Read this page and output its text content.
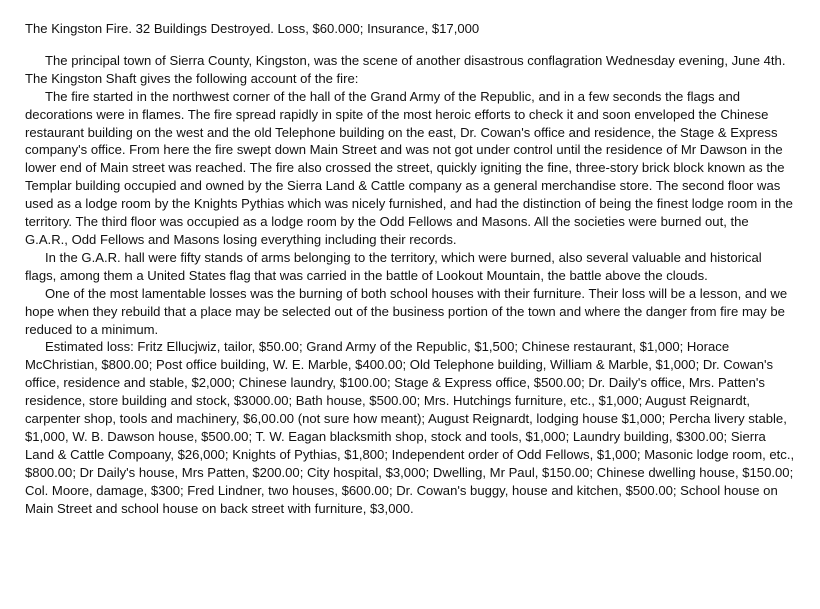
The Kingston Fire. 32 Buildings Destroyed. Loss, $60.000; Insurance, $17,000

The principal town of Sierra County, Kingston, was the scene of another disastrous conflagration Wednesday evening, June 4th. The Kingston Shaft gives the following account of the fire:

The fire started in the northwest corner of the hall of the Grand Army of the Republic, and in a few seconds the flags and decorations were in flames. The fire spread rapidly in spite of the most heroic efforts to check it and soon enveloped the Chinese restaurant building on the west and the old Telephone building on the east, Dr. Cowan's office and residence, the Stage & Express company's office. From here the fire swept down Main Street and was not got under control until the residence of Mr Dawson in the lower end of Main street was reached. The fire also crossed the street, quickly igniting the fine, three-story brick block known as the Templar building occupied and owned by the Sierra Land & Cattle company as a general merchandise store. The second floor was used as a lodge room by the Knights Pythias which was nicely furnished, and had the distinction of being the finest lodge room in the territory. The third floor was occupied as a lodge room by the Odd Fellows and Masons. All the societies were burned out, the G.A.R., Odd Fellows and Masons losing everything including their records.

In the G.A.R. hall were fifty stands of arms belonging to the territory, which were burned, also several valuable and historical flags, among them a United States flag that was carried in the battle of Lookout Mountain, the battle above the clouds.

One of the most lamentable losses was the burning of both school houses with their furniture. Their loss will be a lesson, and we hope when they rebuild that a place may be selected out of the business portion of the town and where the danger from fire may be reduced to a minimum.

Estimated loss: Fritz Ellucjwiz, tailor, $50.00; Grand Army of the Republic, $1,500; Chinese restaurant, $1,000; Horace McChristian, $800.00; Post office building, W. E. Marble, $400.00; Old Telephone building, William & Marble, $1,000; Dr. Cowan's office, residence and stable, $2,000; Chinese laundry, $100.00; Stage & Express office, $500.00; Dr. Daily's office, Mrs. Patten's residence, store building and stock, $3000.00; Bath house, $500.00; Mrs. Hutchings furniture, etc., $1,000; August Reignardt, carpenter shop, tools and machinery, $6,00.00 (not sure how meant); August Reignardt, lodging house $1,000; Percha livery stable, $1,000, W. B. Dawson house, $500.00; T. W. Eagan blacksmith shop, stock and tools, $1,000; Laundry building, $300.00; Sierra Land & Cattle Compoany, $26,000; Knights of Pythias, $1,800; Independent order of Odd Fellows, $1,000; Masonic lodge room, etc., $800.00; Dr Daily's house, Mrs Patten, $200.00; City hospital, $3,000; Dwelling, Mr Paul, $150.00; Chinese dwelling house, $150.00; Col. Moore, damage, $300; Fred Lindner, two houses, $600.00; Dr. Cowan's buggy, house and kitchen, $500.00; School house on Main Street and school house on back street with furniture, $3,000.
